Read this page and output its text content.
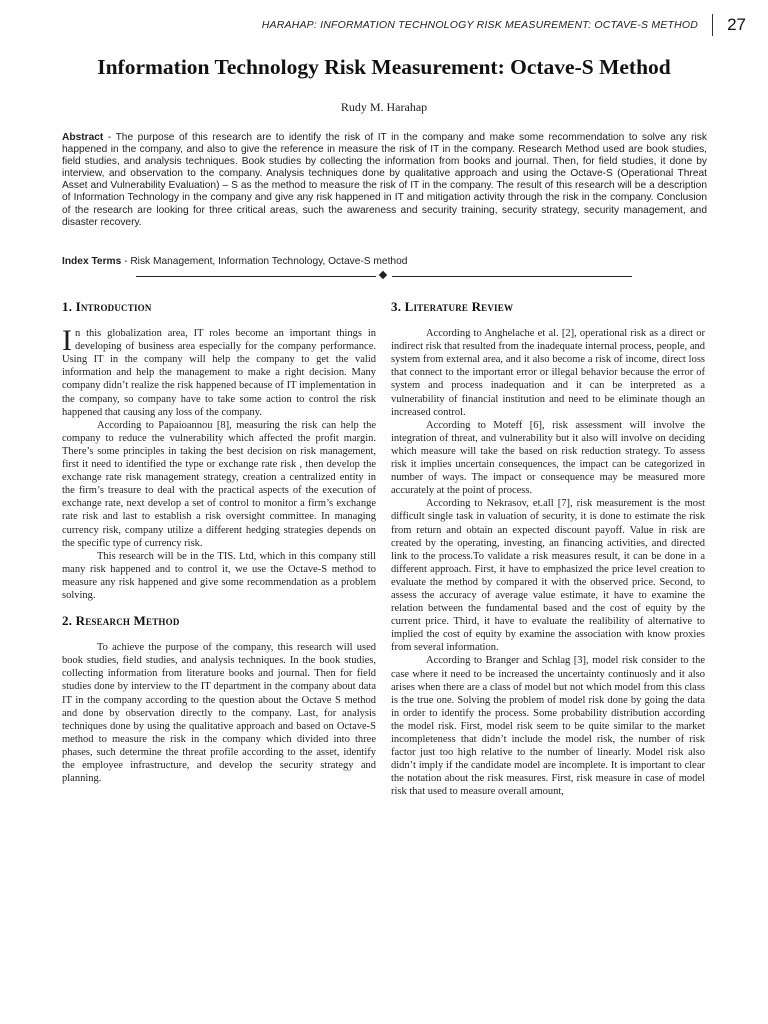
HARAHAP: INFORMATION TECHNOLOGY RISK MEASUREMENT: OCTAVE-S METHOD	27
Information Technology Risk Measurement: Octave-S Method
Rudy M. Harahap

Abstract - The purpose of this research are to identify the risk of IT in the company and make some recommendation to solve any risk happened in the company, and also to give the reference in measure the risk of IT in the company. Research Method used are book studies, field studies, and analysis techniques. Book studies by collecting the information from books and journal. Then, for field studies, it done by interview, and observation to the company. Analysis techniques done by qualitative approach and using the Octave-S (Operational Threat Asset and Vulnerability Evaluation) – S as the method to measure the risk of IT in the company. The result of this research will be a description of Information Technology in the company and give any risk happened in IT and mitigation activity through the risk in the company. Conclusion of the research are looking for three critical areas, such the awareness and security training, security strategy, security management, and disaster recovery.

Index Terms - Risk Management, Information Technology, Octave-S method

1. Introduction

In this globalization area, IT roles become an important things in developing of business area especially for the company performance. Using IT in the company will help the company to get the valid information and help the management to make a right decision. Many company didn’t realize the risk happened because of IT implementation in the company, so company have to take some action to control the risk happened that causing any loss of the company.

According to Papaioannou [8], measuring the risk can help the company to reduce the vulnerability which affected the profit margin. There’s some principles in taking the best decision on risk management, first it need to identified the type or exchange rate risk , then develop the exchange rate risk management strategy, creation a centralized entity in the firm’s treasure to deal with the practical aspects of the execution of exchange rate, next develop a set of control to monitor a firm’s exchange rate risk and last to establish a risk oversight committee. In managing currency risk, company utilize a different hedging strategies depends on the specific type of currency risk.

This research will be in the TIS. Ltd, which in this company still many risk happened and to control it, we use the Octave-S method to measure any risk happened and give some recommendation as a problem solving.

2. Research Method

To achieve the purpose of the company, this research will used book studies, field studies, and analysis techniques. In the book studies, collecting information from literature books and journal. Then for field studies done by interview to the IT department in the company about data IT in the company according to the question about the Octave S method and done by observation directly to the company. Last, for analysis techniques done by using the qualitative approach and based on Octave-S method to measure the risk in the company which divided into three phases, such determine the threat profile according to the asset, identify the employee infrastructure, and develop the security strategy and planning.

3. Literature Review

According to Anghelache et al. [2], operational risk as a direct or indirect risk that resulted from the inadequate internal process, people, and system from external area, and it also become a risk of income, direct loss that connect to the important error or illegal behavior because the error of system and process inadequation and it can be interpreted as a vulnerability of financial institution and need to be eliminate though an increased control.

According to Moteff [6], risk assessment will involve the integration of threat, and vulnerability but it also will involve on deciding which measure will take the based on risk reduction strategy. To assess risk it implies uncertain consequences, the impact can be categorized in number of ways. The impact or consequence may be measured more accurately at the point of process.

According to Nekrasov, et.all [7], risk measurement is the most difficult single task in valuation of security, it is done to estimate the risk from return and obtain an expected discount payoff. Value in risk are created by the operating, investing, an financing activities, and directed link to the process.To validate a risk measures result, it can be done in a different approach. First, it have to emphasized the price level creation to evaluate the method by compared it with the observed price. Second, to assess the accuracy of average value estimate, it have to examine the relation between the fundamental based and the cost of equity by the current price. Third, it have to evaluate the realibility of alternative to implied the cost of equity by examine the association with know proxies from several information.

According to Branger and Schlag [3], model risk consider to the case where it need to be increased the uncertainty continuosly and it also arises when there are a class of model but not which model from this class is the true one. Solving the problem of model risk done by going the data in order to identify the process. Some probability distribution according the model risk. First, model risk seem to be quite similar to the market incompleteness that didn’t include the model risk, the number of risk factor just too high relative to the number of linearly. Model risk also didn’t imply if the candidate model are incomplete. It is important to clear the notation about the risk measures. First, risk measure in case of model risk that used to measure overall amount,
